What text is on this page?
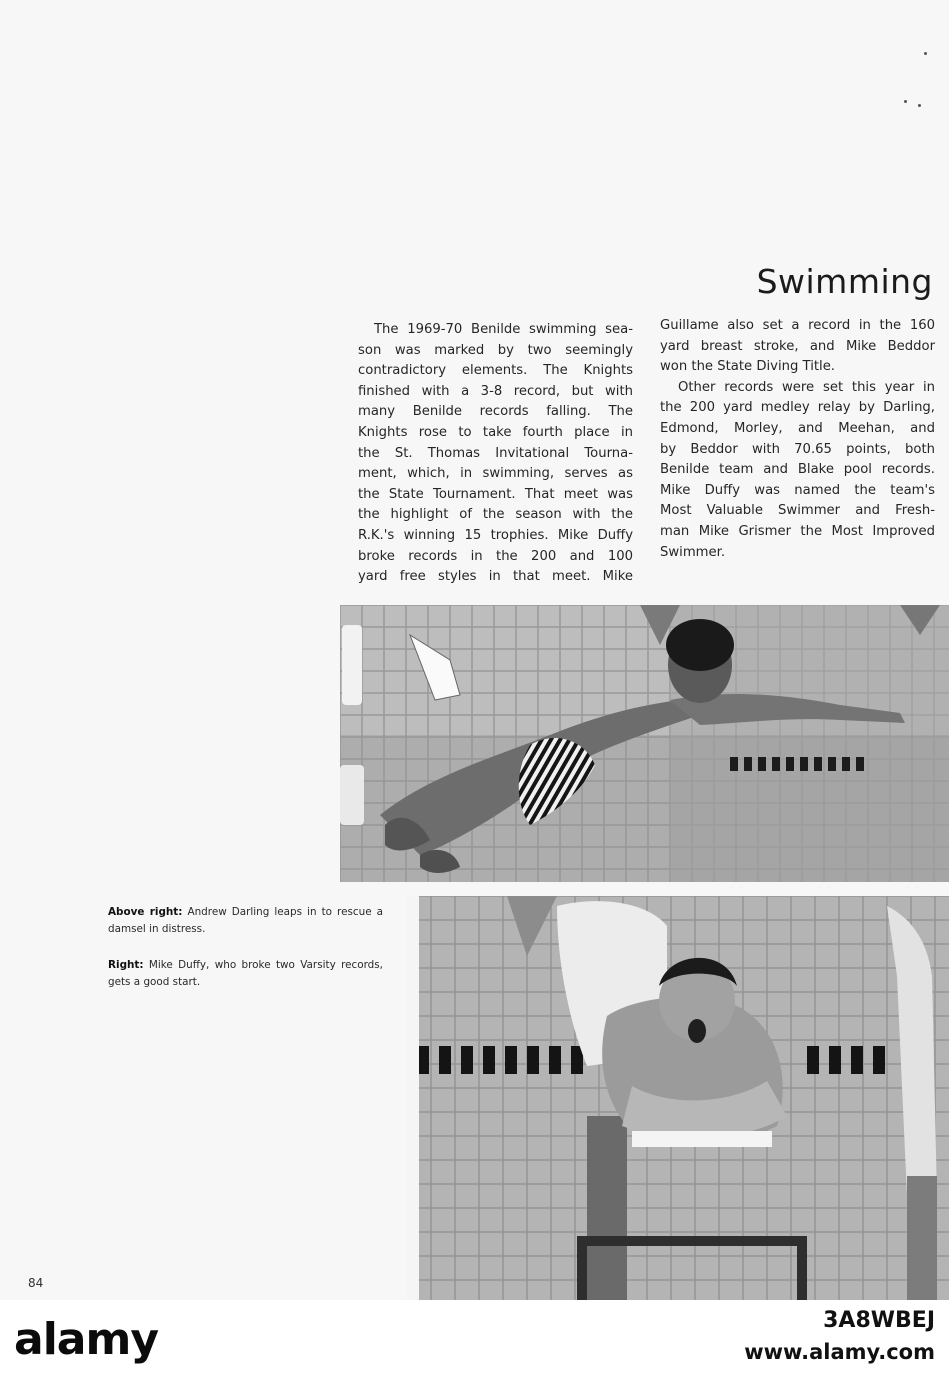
Swimming

The 1969-70 Benilde swimming sea-

son was marked by two seemingly

contradictory elements. The Knights

finished with a 3-8 record, but with

many Benilde records falling. The

Knights rose to take fourth place in

the St. Thomas Invitational Tourna-

ment, which, in swimming, serves as

the State Tournament. That meet was

the highlight of the season with the

R.K.'s winning 15 trophies. Mike Duffy

broke records in the 200 and 100

yard free styles in that meet. Mike

Guillame also set a record in the 160

yard breast stroke, and Mike Beddor

won the State Diving Title.

Other records were set this year in

the 200 yard medley relay by Darling,

Edmond, Morley, and Meehan, and

by Beddor with 70.65 points, both

Benilde team and Blake pool records.

Mike Duffy was named the team's

Most Valuable Swimmer and Fresh-

man Mike Grismer the Most Improved

Swimmer.

Above right: Andrew Darling leaps in to rescue a damsel in distress.

Right: Mike Duffy, who broke two Varsity records, gets a good start.

84
alamy	3A8WBEJ
www.alamy.com
